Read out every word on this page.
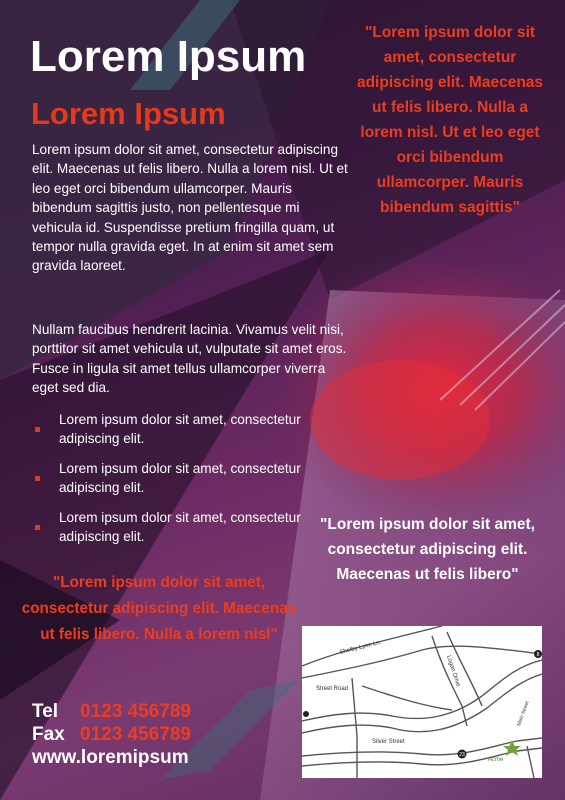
Lorem Ipsum
Lorem Ipsum

Lorem ipsum dolor sit amet, consectetur adipiscing elit. Maecenas ut felis libero. Nulla a lorem nisl. Ut et leo eget orci bibendum ullamcorper. Mauris bibendum sagittis justo, non pellentesque mi vehicula id. Suspendisse pretium fringilla quam, ut tempor nulla gravida eget. In at enim sit amet sem gravida laoreet.

Nullam faucibus hendrerit lacinia. Vivamus velit nisi, porttitor sit amet vehicula ut, vulputate sit amet eros. Fusce in ligula sit amet tellus ullamcorper viverra eget sed dia.

Lorem ipsum dolor sit amet, consectetur adipiscing elit.
Lorem ipsum dolor sit amet, consectetur adipiscing elit.
Lorem ipsum dolor sit amet, consectetur adipiscing elit.

"Lorem ipsum dolor sit amet, consectetur adipiscing elit. Maecenas ut felis libero. Nulla a lorem nisl. Ut et leo eget orci bibendum ullamcorper. Mauris bibendum sagittis"

"Lorem ipsum dolor sit amet, consectetur adipiscing elit. Maecenas ut felis libero"

"Lorem ipsum dolor sit amet, consectetur adipiscing elit. Maecenas ut felis libero. Nulla a lorem nisl"

Tel 0123 456789
Fax 0123 456789
www.loremipsum
Shelby Lynn Ln.
Logan Drive
Street Road
Silver Street
Main Street
Acme
8
23
